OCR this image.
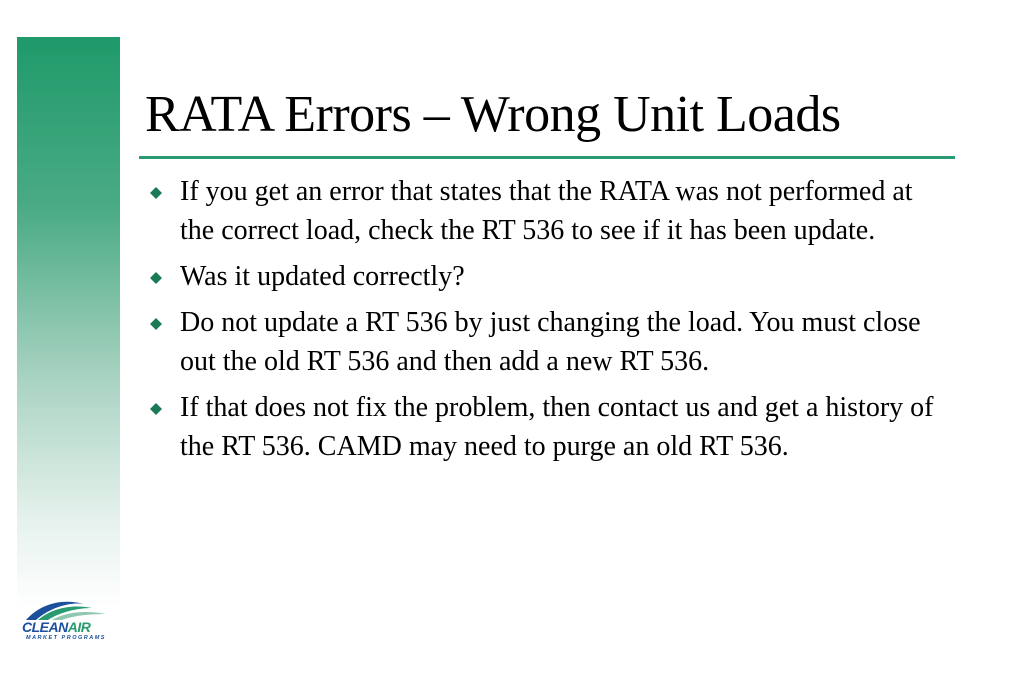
RATA Errors – Wrong Unit Loads
If you get an error that states that the RATA was not performed at the correct load, check the RT 536 to see if it has been update.
Was it updated correctly?
Do not update a RT 536 by just changing the load. You must close out the old RT 536 and then add a new RT 536.
If that does not fix the problem, then contact us and get a history of the RT 536. CAMD may need to purge an old RT 536.
CLEANAIR
MARKET PROGRAMS
